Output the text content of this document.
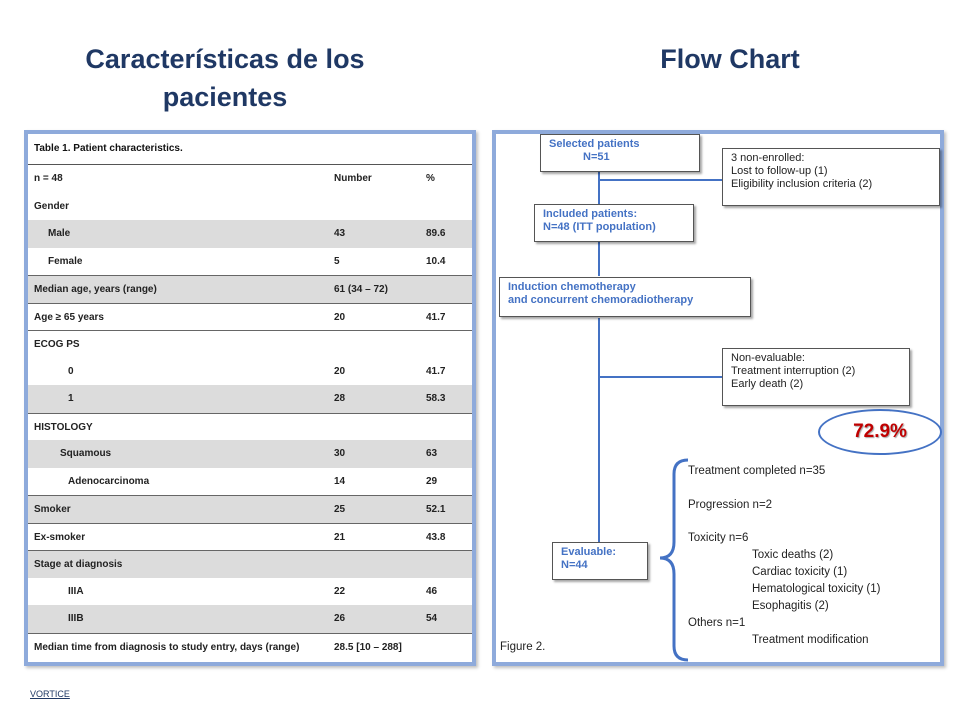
Características de los pacientes
Flow Chart
Table 1. Patient characteristics.
n = 48	Number	%
Gender
Male	43	89.6
Female	5	10.4
Median age, years (range)	61 (34 – 72)
Age ≥ 65 years	20	41.7
ECOG PS
0	20	41.7
1	28	58.3
HISTOLOGY
Squamous	30	63
Adenocarcinoma	14	29
Smoker	25	52.1
Ex-smoker	21	43.8
Stage at diagnosis
IIIA	22	46
IIIB	26	54
Median time from diagnosis to study entry, days (range)	28.5 [10 – 288]
Selected patients
N=51	3 non-enrolled:
Lost to follow-up (1)
Eligibility inclusion criteria (2)
Included patients:
N=48 (ITT population)
Induction chemotherapy
and concurrent chemoradiotherapy
Non-evaluable:
Treatment interruption (2)
Early death (2)
72.9%
Evaluable:
N=44
Treatment completed n=35
Progression n=2
Toxicity n=6
Toxic deaths (2)
Cardiac toxicity (1)
Hematological toxicity (1)
Esophagitis (2)
Others n=1
Treatment modification
Figure 2.
VORTICE
